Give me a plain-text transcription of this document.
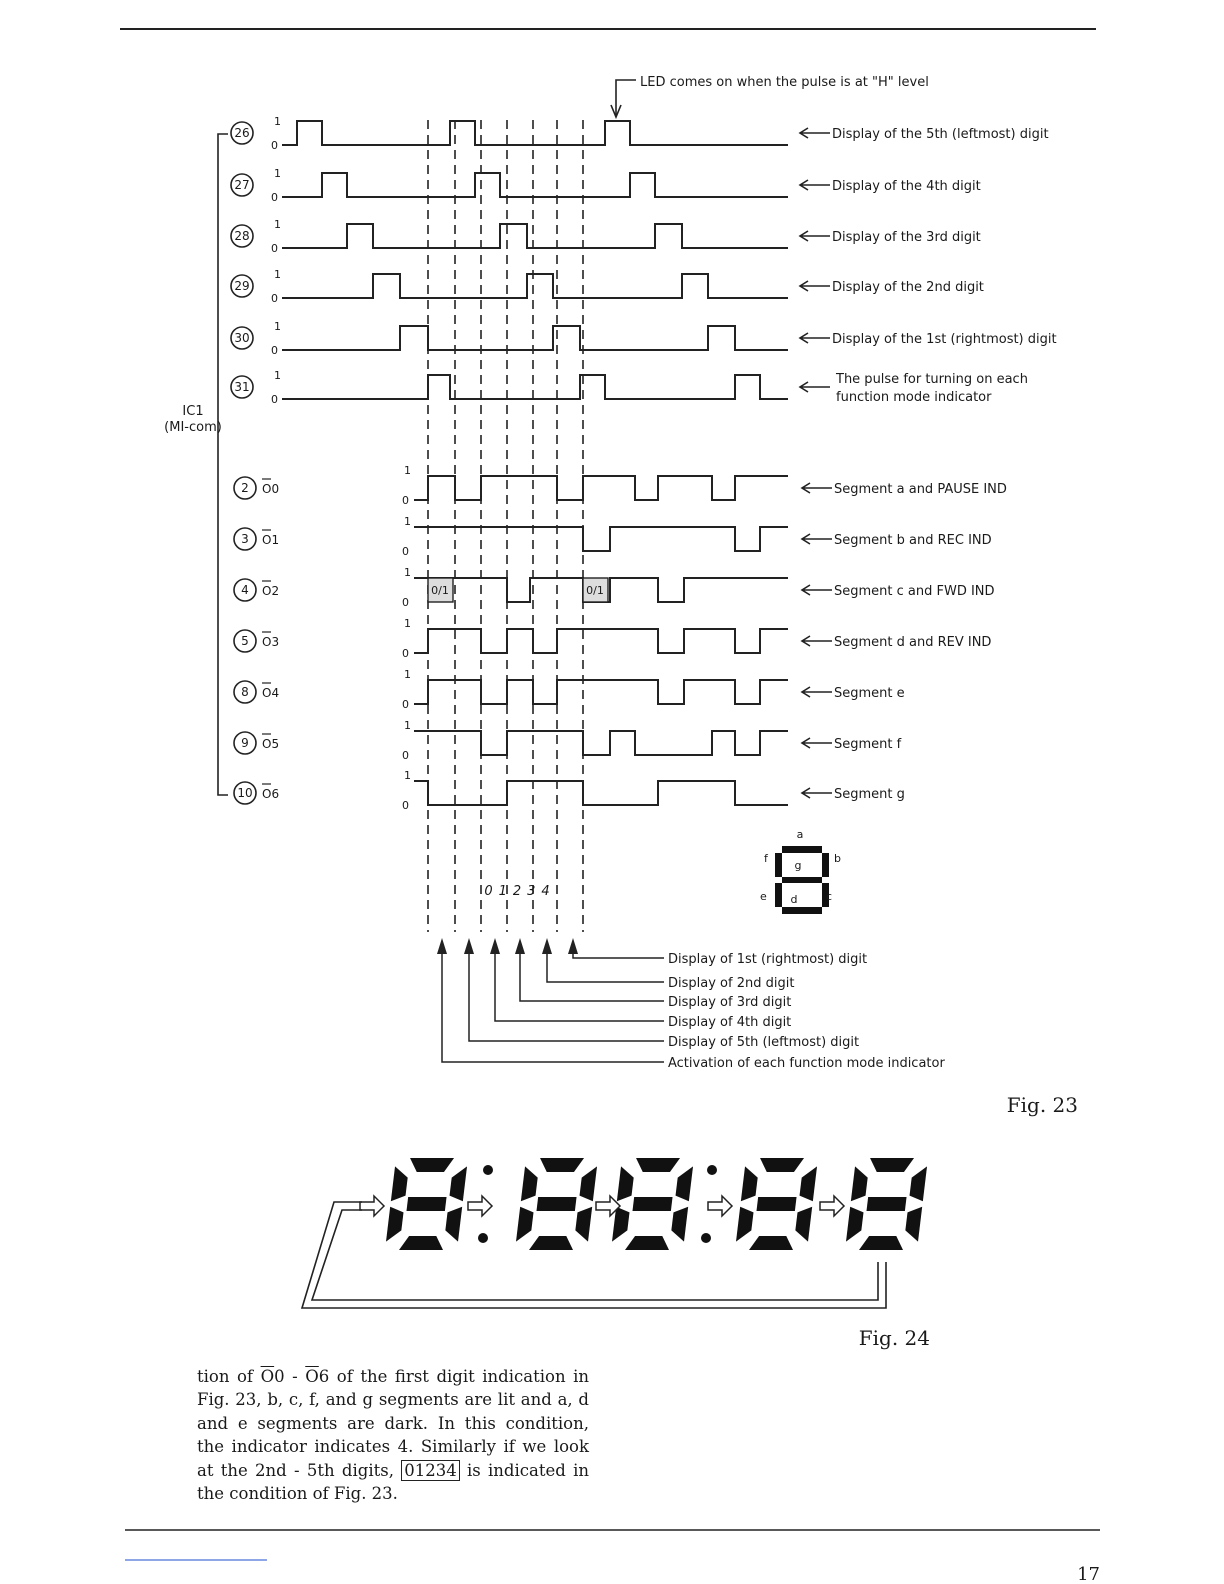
LED comes on when the pulse is at "H" level
IC1
(MI-com)
26
1
0
Display of the 5th (leftmost) digit
27
1
0
Display of the 4th digit
28
1
0
Display of the 3rd digit
29
1
0
Display of the 2nd digit
30
1
0
Display of the 1st (rightmost) digit
31
1
0
The pulse for turning on each
function mode indicator
2 O0
1
0
Segment a and PAUSE IND
3 O1
1
0
Segment b and REC IND
4 O2
1
0
0/1	0/1	Segment c and FWD IND
5 O3
1
0
Segment d and REV IND
8 O4
1
0
Segment e
9 O5
1
0
Segment f
10 O6
1
0
Segment g
01234
a
b
c
d
e
f
g
Display of 1st (rightmost) digit
Display of 2nd digit
Display of 3rd digit
Display of 4th digit
Display of 5th (leftmost) digit
Activation of each function mode indicator
Fig. 23
Fig. 24
17
tion of $\overline{O}0 - \overline{O}6$ of the first digit indication in Fig. 23, b, c, f, and g segments are lit and a, d and e segments are dark. In this condition, the indicator indicates 4. Similarly if we look at the 2nd - 5th digits, 01234 is indicated in the condition of Fig. 23.
